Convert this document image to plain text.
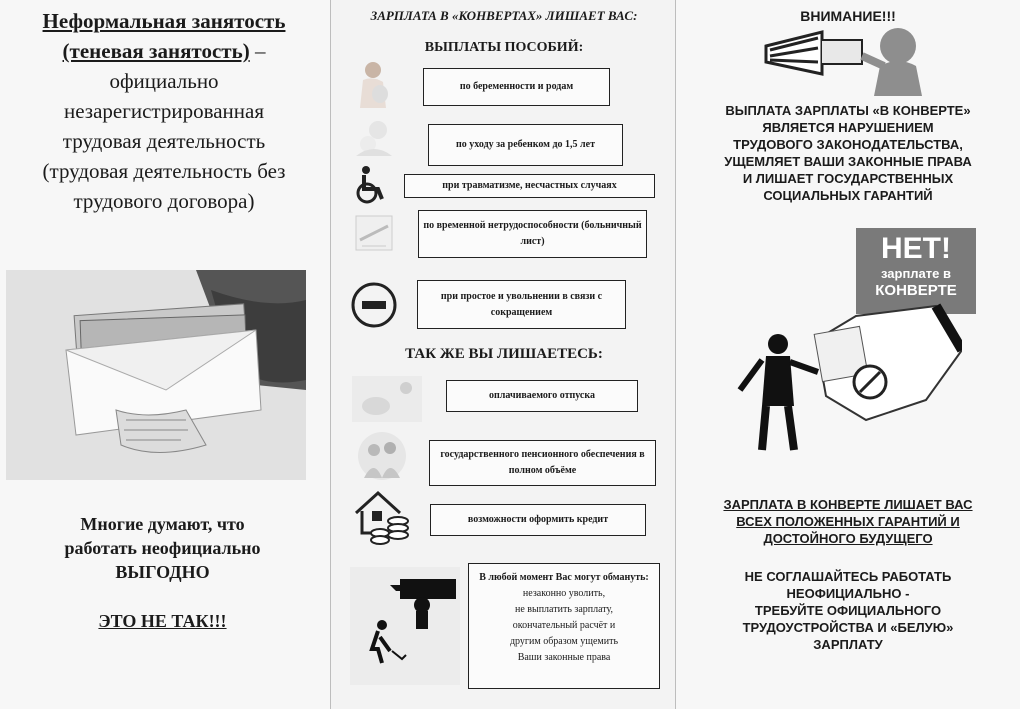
Неформальная занятость
(теневая занятость) –
официально
незарегистрированная
трудовая деятельность
(трудовая деятельность без
трудового договора)
Многие думают, что
работать неофициально
ВЫГОДНО
ЭТО НЕ ТАК!!!
ЗАРПЛАТА В «КОНВЕРТАХ» ЛИШАЕТ ВАС:
ВЫПЛАТЫ ПОСОБИЙ:
ТАК ЖЕ ВЫ ЛИШАЕТЕСЬ:
по беременности и родам
по уходу за ребенком до 1,5 лет
при травматизме, несчастных случаях
по временной нетрудоспособности (больничный лист)
при простое и увольнении в связи с сокращением
оплачиваемого отпуска
государственного пенсионного обеспечения в полном объёме
возможности оформить кредит
В любой момент Вас могут обмануть:
незаконно уволить,
не выплатить зарплату,
окончательный расчёт и
другим образом ущемить
Ваши законные права
ВНИМАНИЕ!!!
ВЫПЛАТА ЗАРПЛАТЫ «В КОНВЕРТЕ»
ЯВЛЯЕТСЯ НАРУШЕНИЕМ
ТРУДОВОГО ЗАКОНОДАТЕЛЬСТВА,
УЩЕМЛЯЕТ ВАШИ ЗАКОННЫЕ ПРАВА
И ЛИШАЕТ ГОСУДАРСТВЕННЫХ
СОЦИАЛЬНЫХ ГАРАНТИЙ
ЗАРПЛАТА В КОНВЕРТЕ ЛИШАЕТ ВАС
ВСЕХ ПОЛОЖЕННЫХ ГАРАНТИЙ И
ДОСТОЙНОГО БУДУЩЕГО
НЕ СОГЛАШАЙТЕСЬ РАБОТАТЬ
НЕОФИЦИАЛЬНО -
ТРЕБУЙТЕ ОФИЦИАЛЬНОГО
ТРУДОУСТРОЙСТВА И «БЕЛУЮ»
ЗАРПЛАТУ
НЕТ!
зарплате в
КОНВЕРТЕ
